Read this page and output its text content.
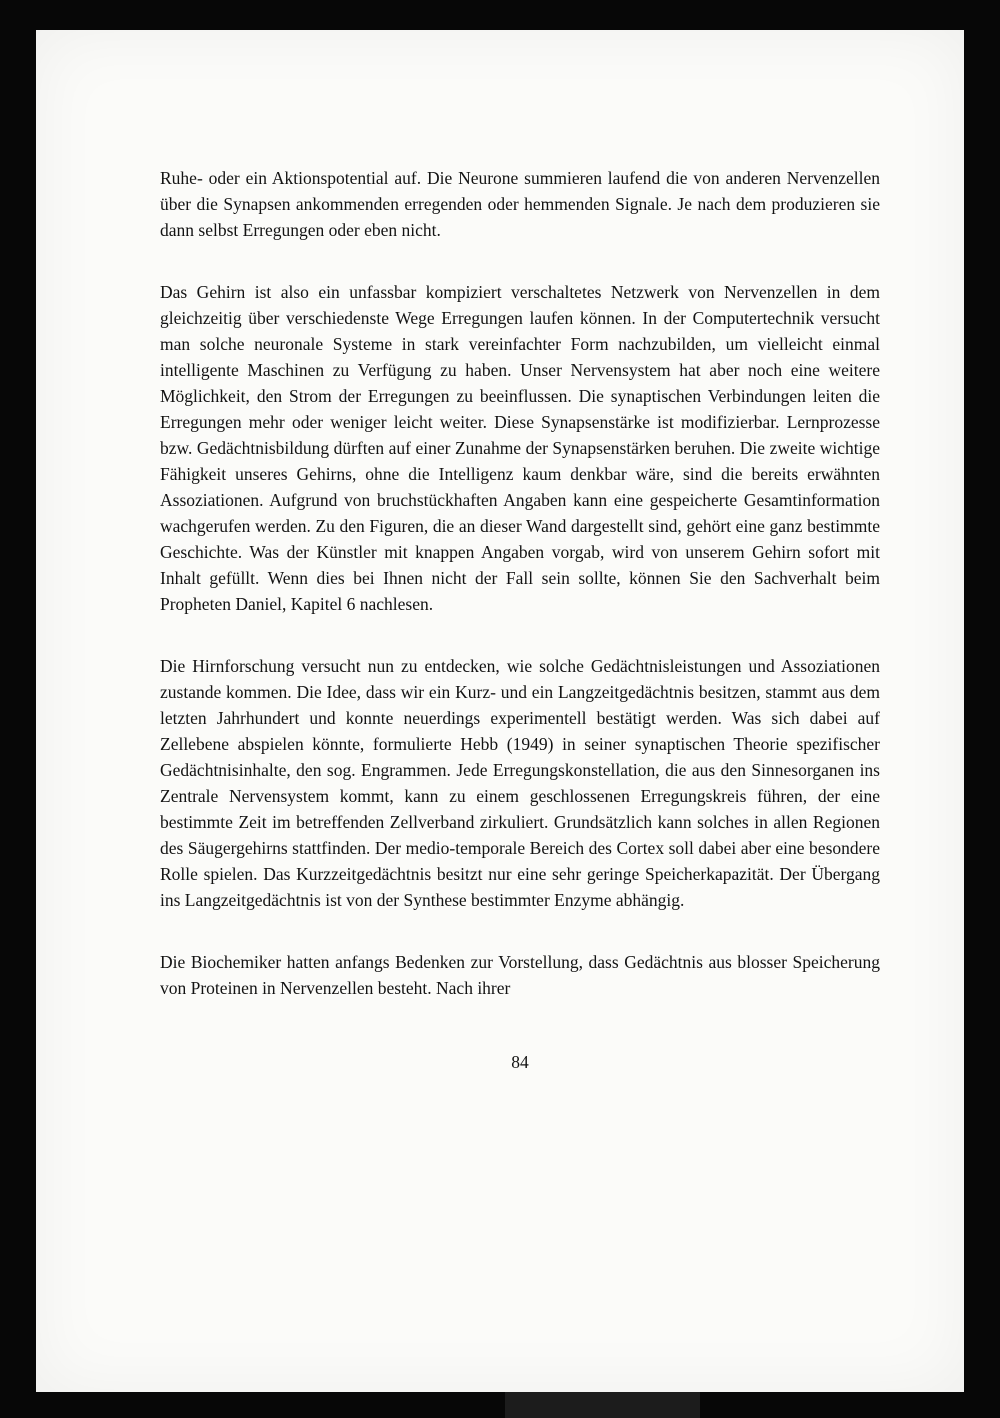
Ruhe- oder ein Aktionspotential auf. Die Neurone summieren laufend die von anderen Nervenzellen über die Synapsen ankommenden erregenden oder hemmenden Signale. Je nach dem produzieren sie dann selbst Erregungen oder eben nicht.

Das Gehirn ist also ein unfassbar kompiziert verschaltetes Netzwerk von Nervenzellen in dem gleichzeitig über verschiedenste Wege Erregungen laufen können. In der Computertechnik versucht man solche neuronale Systeme in stark vereinfachter Form nachzubilden, um vielleicht einmal intelligente Maschinen zu Verfügung zu haben. Unser Nervensystem hat aber noch eine weitere Möglichkeit, den Strom der Erregungen zu beeinflussen. Die synaptischen Verbindungen leiten die Erregungen mehr oder weniger leicht weiter. Diese Synapsenstärke ist modifizierbar. Lernprozesse bzw. Gedächtnisbildung dürften auf einer Zunahme der Synapsenstärken beruhen. Die zweite wichtige Fähigkeit unseres Gehirns, ohne die Intelligenz kaum denkbar wäre, sind die bereits erwähnten Assoziationen. Aufgrund von bruchstückhaften Angaben kann eine gespeicherte Gesamtinformation wachgerufen werden. Zu den Figuren, die an dieser Wand dargestellt sind, gehört eine ganz bestimmte Geschichte. Was der Künstler mit knappen Angaben vorgab, wird von unserem Gehirn sofort mit Inhalt gefüllt. Wenn dies bei Ihnen nicht der Fall sein sollte, können Sie den Sachverhalt beim Propheten Daniel, Kapitel 6 nachlesen.

Die Hirnforschung versucht nun zu entdecken, wie solche Gedächtnisleistungen und Assoziationen zustande kommen. Die Idee, dass wir ein Kurz- und ein Langzeitgedächtnis besitzen, stammt aus dem letzten Jahrhundert und konnte neuerdings experimentell bestätigt werden. Was sich dabei auf Zellebene abspielen könnte, formulierte Hebb (1949) in seiner synaptischen Theorie spezifischer Gedächtnisinhalte, den sog. Engrammen. Jede Erregungskonstellation, die aus den Sinnesorganen ins Zentrale Nervensystem kommt, kann zu einem geschlossenen Erregungskreis führen, der eine bestimmte Zeit im betreffenden Zellverband zirkuliert. Grundsätzlich kann solches in allen Regionen des Säugergehirns stattfinden. Der medio-temporale Bereich des Cortex soll dabei aber eine besondere Rolle spielen. Das Kurzzeitgedächtnis besitzt nur eine sehr geringe Speicherkapazität. Der Übergang ins Langzeitgedächtnis ist von der Synthese bestimmter Enzyme abhängig.

Die Biochemiker hatten anfangs Bedenken zur Vorstellung, dass Gedächtnis aus blosser Speicherung von Proteinen in Nervenzellen besteht. Nach ihrer

84
